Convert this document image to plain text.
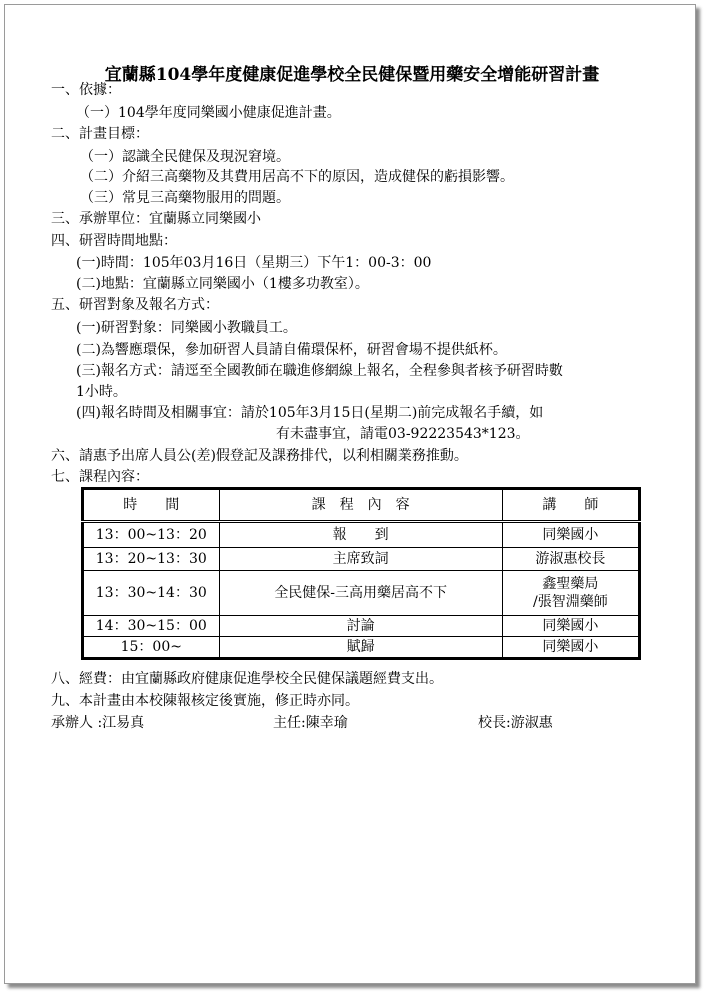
宜蘭縣104學年度健康促進學校全民健保暨用藥安全增能研習計畫
一、依據：
（一）104學年度同樂國小健康促進計畫。
二、計畫目標：
（一）認識全民健保及現況窘境。
（二）介紹三高藥物及其費用居高不下的原因，造成健保的虧損影響。
（三）常見三高藥物服用的問題。
三、承辦單位：宜蘭縣立同樂國小
四、研習時間地點：
(一)時間：105年03月16日（星期三）下午1：00-3：00
(二)地點：宜蘭縣立同樂國小（1樓多功教室）。
五、研習對象及報名方式：
(一)研習對象：同樂國小教職員工。
(二)為響應環保，參加研習人員請自備環保杯，研習會場不提供紙杯。
(三)報名方式：請逕至全國教師在職進修網線上報名，全程參與者核予研習時數
1小時。
(四)報名時間及相關事宜：請於105年3月15日(星期二)前完成報名手續，如
有未盡事宜，請電03-92223543*123。
六、請惠予出席人員公(差)假登記及課務排代，以利相關業務推動。
七、課程內容：
時　　間	課　程　內　容	講　　師
13：00~13：20	報　　到	同樂國小
13：20~13：30	主席致詞	游淑惠校長
13：30~14：30	全民健保-三高用藥居高不下	鑫聖藥局
/張智淵藥師

14：30~15：00	討論	同樂國小
15：00~	賦歸	同樂國小
八、經費：由宜蘭縣政府健康促進學校全民健保議題經費支出。
九、本計畫由本校陳報核定後實施，修正時亦同。
承辦人 :江易真	主任:陳幸瑜	校長:游淑惠
